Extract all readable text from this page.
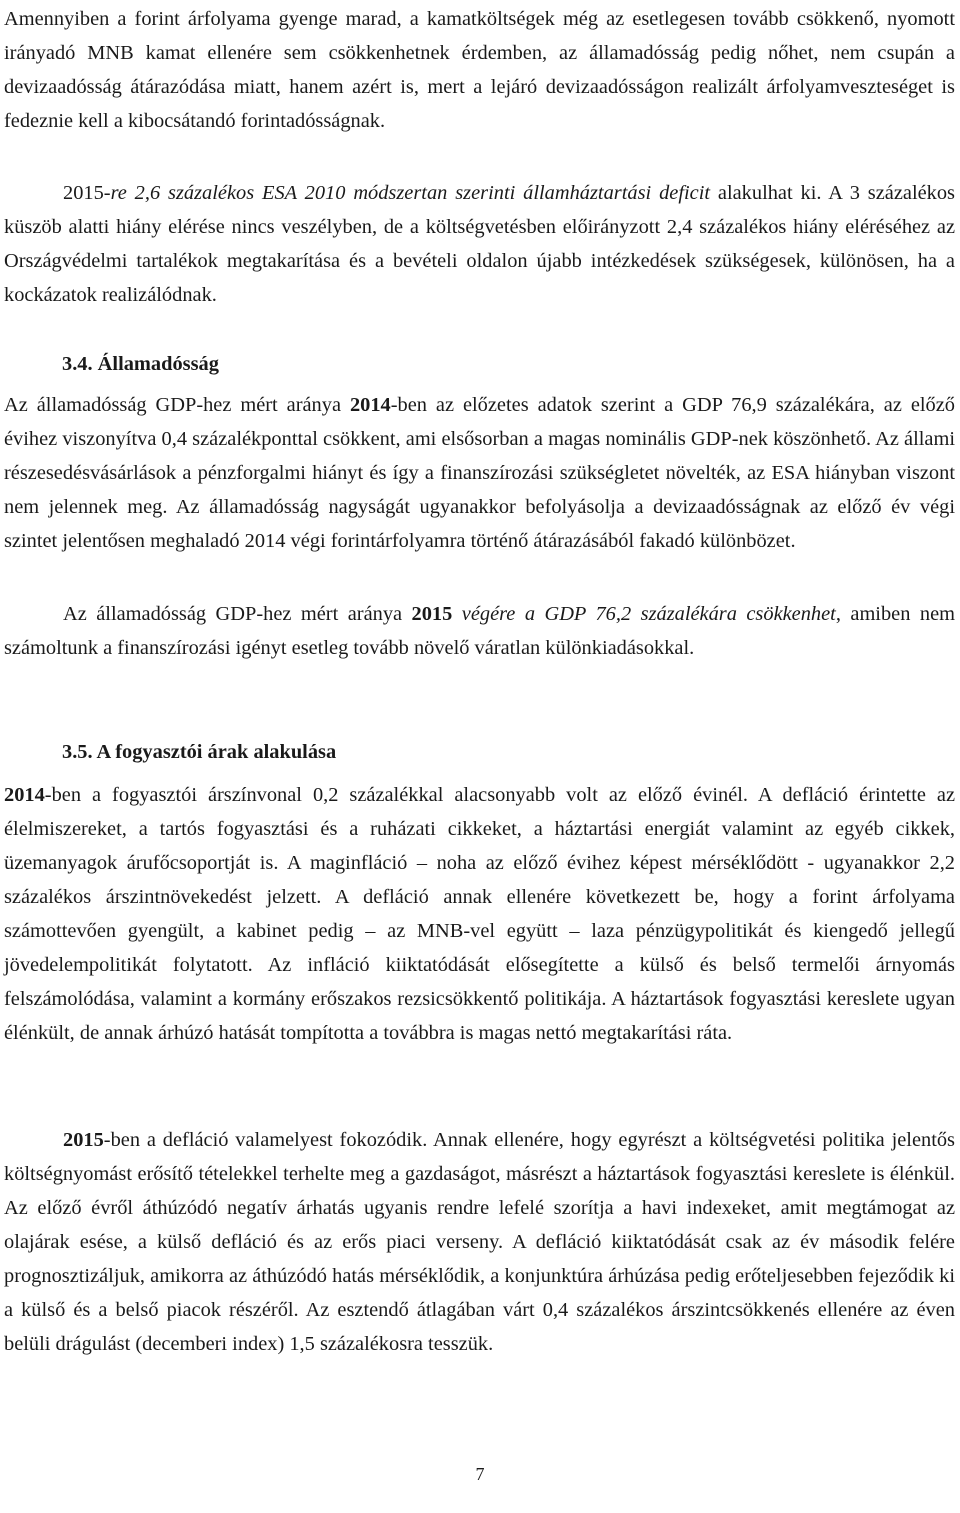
Amennyiben a forint árfolyama gyenge marad, a kamatköltségek még az esetlegesen tovább csökkenő, nyomott irányadó MNB kamat ellenére sem csökkenhetnek érdemben, az államadósság pedig nőhet, nem csupán a devizaadósság átárazódása miatt, hanem azért is, mert a lejáró devizaadósságon realizált árfolyamveszteséget is fedeznie kell a kibocsátandó forintadósságnak.

2015-re 2,6 százalékos ESA 2010 módszertan szerinti államháztartási deficit alakulhat ki. A 3 százalékos küszöb alatti hiány elérése nincs veszélyben, de a költségvetésben előirányzott 2,4 százalékos hiány eléréséhez az Országvédelmi tartalékok megtakarítása és a bevételi oldalon újabb intézkedések szükségesek, különösen, ha a kockázatok realizálódnak.

3.4. Államadósság

Az államadósság GDP-hez mért aránya 2014-ben az előzetes adatok szerint a GDP 76,9 százalékára, az előző évihez viszonyítva 0,4 százalékponttal csökkent, ami elsősorban a magas nominális GDP-nek köszönhető. Az állami részesedésvásárlások a pénzforgalmi hiányt és így a finanszírozási szükségletet növelték, az ESA hiányban viszont nem jelennek meg. Az államadósság nagyságát ugyanakkor befolyásolja a devizaadósságnak az előző év végi szintet jelentősen meghaladó 2014 végi forintárfolyamra történő átárazásából fakadó különbözet.

Az államadósság GDP-hez mért aránya 2015 végére a GDP 76,2 százalékára csökkenhet, amiben nem számoltunk a finanszírozási igényt esetleg tovább növelő váratlan különkiadásokkal.

3.5. A fogyasztói árak alakulása

2014-ben a fogyasztói árszínvonal 0,2 százalékkal alacsonyabb volt az előző évinél. A defláció érintette az élelmiszereket, a tartós fogyasztási és a ruházati cikkeket, a háztartási energiát valamint az egyéb cikkek, üzemanyagok árufőcsoportját is. A maginfláció – noha az előző évihez képest mérséklődött - ugyanakkor 2,2 százalékos árszintnövekedést jelzett. A defláció annak ellenére következett be, hogy a forint árfolyama számottevően gyengült, a kabinet pedig – az MNB-vel együtt – laza pénzügypolitikát és kiengedő jellegű jövedelempolitikát folytatott. Az infláció kiiktatódását elősegítette a külső és belső termelői árnyomás felszámolódása, valamint a kormány erőszakos rezsicsökkentő politikája. A háztartások fogyasztási kereslete ugyan élénkült, de annak árhúzó hatását tompította a továbbra is magas nettó megtakarítási ráta.

2015-ben a defláció valamelyest fokozódik. Annak ellenére, hogy egyrészt a költségvetési politika jelentős költségnyomást erősítő tételekkel terhelte meg a gazdaságot, másrészt a háztartások fogyasztási kereslete is élénkül. Az előző évről áthúzódó negatív árhatás ugyanis rendre lefelé szorítja a havi indexeket, amit megtámogat az olajárak esése, a külső defláció és az erős piaci verseny. A defláció kiiktatódását csak az év második felére prognosztizáljuk, amikorra az áthúzódó hatás mérséklődik, a konjunktúra árhúzása pedig erőteljesebben fejeződik ki a külső és a belső piacok részéről. Az esztendő átlagában várt 0,4 százalékos árszintcsökkenés ellenére az éven belüli drágulást (decemberi index) 1,5 százalékosra tesszük.

7
